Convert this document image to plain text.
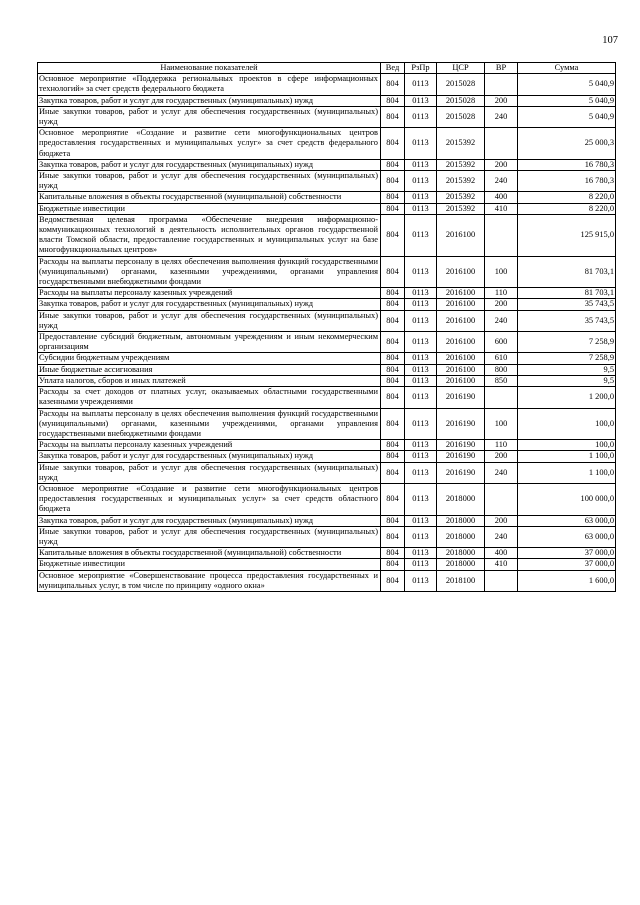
107
Наименование показателей	Вед	РзПр	ЦСР	ВР	Сумма
Основное мероприятие «Поддержка региональных проектов в сфере информационных технологий» за счет средств федерального бюджета	804	0113	2015028		5 040,9
Закупка товаров, работ и услуг для государственных (муниципальных) нужд	804	0113	2015028	200	5 040,9
Иные закупки товаров, работ и услуг для обеспечения государственных (муниципальных) нужд	804	0113	2015028	240	5 040,9
Основное мероприятие «Создание и развитие сети многофункциональных центров предоставления государственных и муниципальных услуг» за счет средств федерального бюджета	804	0113	2015392		25 000,3
Закупка товаров, работ и услуг для государственных (муниципальных) нужд	804	0113	2015392	200	16 780,3
Иные закупки товаров, работ и услуг для обеспечения государственных (муниципальных) нужд	804	0113	2015392	240	16 780,3
Капитальные вложения в объекты государственной (муниципальной) собственности	804	0113	2015392	400	8 220,0
Бюджетные инвестиции	804	0113	2015392	410	8 220,0
Ведомственная целевая программа «Обеспечение внедрения информационно-коммуникационных технологий в деятельность исполнительных органов государственной власти Томской области, предоставление государственных и муниципальных услуг на базе многофункциональных центров»	804	0113	2016100		125 915,0
Расходы на выплаты персоналу в целях обеспечения выполнения функций государственными (муниципальными) органами, казенными учреждениями, органами управления государственными внебюджетными фондами	804	0113	2016100	100	81 703,1
Расходы на выплаты персоналу казенных учреждений	804	0113	2016100	110	81 703,1
Закупка товаров, работ и услуг для государственных (муниципальных) нужд	804	0113	2016100	200	35 743,5
Иные закупки товаров, работ и услуг для обеспечения государственных (муниципальных) нужд	804	0113	2016100	240	35 743,5
Предоставление субсидий бюджетным, автономным учреждениям и иным некоммерческим организациям	804	0113	2016100	600	7 258,9
Субсидии бюджетным учреждениям	804	0113	2016100	610	7 258,9
Иные бюджетные ассигнования	804	0113	2016100	800	9,5
Уплата налогов, сборов и иных платежей	804	0113	2016100	850	9,5
Расходы за счет доходов от платных услуг, оказываемых областными государственными казенными учреждениями	804	0113	2016190		1 200,0
Расходы на выплаты персоналу в целях обеспечения выполнения функций государственными (муниципальными) органами, казенными учреждениями, органами управления государственными внебюджетными фондами	804	0113	2016190	100	100,0
Расходы на выплаты персоналу казенных учреждений	804	0113	2016190	110	100,0
Закупка товаров, работ и услуг для государственных (муниципальных) нужд	804	0113	2016190	200	1 100,0
Иные закупки товаров, работ и услуг для обеспечения государственных (муниципальных) нужд	804	0113	2016190	240	1 100,0
Основное мероприятие «Создание и развитие сети многофункциональных центров предоставления государственных и муниципальных услуг» за счет средств областного бюджета	804	0113	2018000		100 000,0
Закупка товаров, работ и услуг для государственных (муниципальных) нужд	804	0113	2018000	200	63 000,0
Иные закупки товаров, работ и услуг для обеспечения государственных (муниципальных) нужд	804	0113	2018000	240	63 000,0
Капитальные вложения в объекты государственной (муниципальной) собственности	804	0113	2018000	400	37 000,0
Бюджетные инвестиции	804	0113	2018000	410	37 000,0
Основное мероприятие «Совершенствование процесса предоставления государственных и муниципальных услуг, в том числе по принципу «одного окна»	804	0113	2018100		1 600,0
